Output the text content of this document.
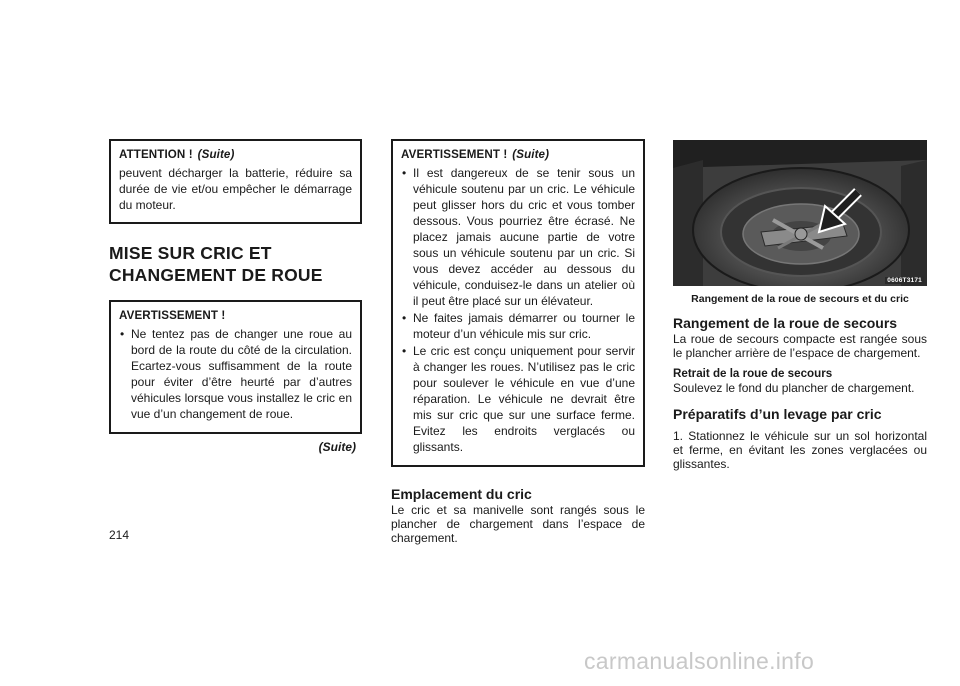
ATTENTION ! (Suite)

peuvent décharger la batterie, réduire sa durée de vie et/ou empêcher le démarrage du moteur.

MISE SUR CRIC ET
CHANGEMENT DE ROUE
AVERTISSEMENT !
• Ne tentez pas de changer une roue au bord de la route du côté de la circulation. Ecartez-vous suffisamment de la route pour éviter d’être heurté par d’autres véhicules lorsque vous installez le cric en vue d’un changement de roue.
(Suite)
AVERTISSEMENT ! (Suite)
• Il est dangereux de se tenir sous un véhicule soutenu par un cric. Le véhicule peut glisser hors du cric et vous tomber dessous. Vous pourriez être écrasé. Ne placez jamais aucune partie de votre sous un véhicule soutenu par un cric. Si vous devez accéder au dessous du véhicule, conduisez-le dans un atelier où il peut être placé sur un élévateur.
• Ne faites jamais démarrer ou tourner le moteur d’un véhicule mis sur cric.
• Le cric est conçu uniquement pour servir à changer les roues. N’utilisez pas le cric pour soulever le véhicule en vue d’une réparation. Le véhicule ne devrait être mis sur cric que sur une surface ferme. Evitez les endroits verglacés ou glissants.
Emplacement du cric

Le cric et sa manivelle sont rangés sous le plancher de chargement dans l’espace de chargement.

0606T3171
Rangement de la roue de secours et du cric
Rangement de la roue de secours

La roue de secours compacte est rangée sous le plancher arrière de l’espace de chargement.

Retrait de la roue de secours

Soulevez le fond du plancher de chargement.

Préparatifs d’un levage par cric

1. Stationnez le véhicule sur un sol horizontal et ferme, en évitant les zones verglacées ou glissantes.

214
carmanualsonline.info
